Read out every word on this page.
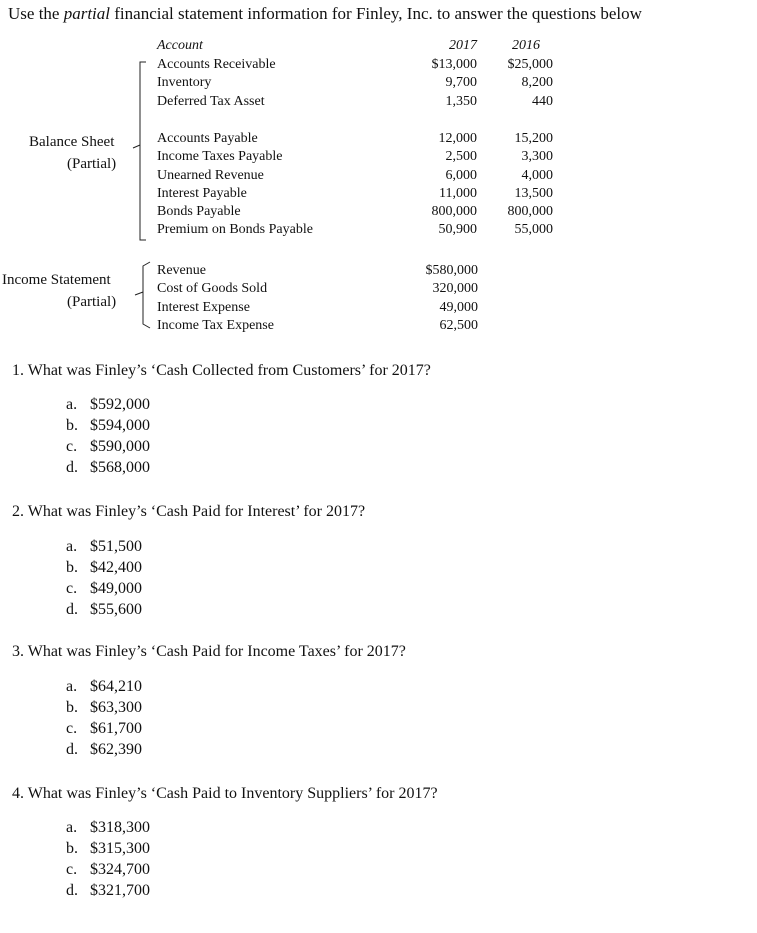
Use the partial financial statement information for Finley, Inc. to answer the questions below
Account	2017	2016
Balance Sheet
(Partial)
Accounts Receivable
Inventory
Deferred Tax Asset
$13,000
9,700
1,350
$25,000
8,200
440
Accounts Payable
Income Taxes Payable
Unearned Revenue
Interest Payable
Bonds Payable
Premium on Bonds Payable
12,000
2,500
6,000
11,000
800,000
50,900
15,200
3,300
4,000
13,500
800,000
55,000
Income Statement
(Partial)
Revenue
Cost of Goods Sold
Interest Expense
Income Tax Expense
$580,000
320,000
49,000
62,500
1. What was Finley’s ‘Cash Collected from Customers’ for 2017?
a. $592,000
b. $594,000
c. $590,000
d. $568,000
2. What was Finley’s ‘Cash Paid for Interest’ for 2017?
a. $51,500
b. $42,400
c. $49,000
d. $55,600
3. What was Finley’s ‘Cash Paid for Income Taxes’ for 2017?
a. $64,210
b. $63,300
c. $61,700
d. $62,390
4. What was Finley’s ‘Cash Paid to Inventory Suppliers’ for 2017?
a. $318,300
b. $315,300
c. $324,700
d. $321,700
